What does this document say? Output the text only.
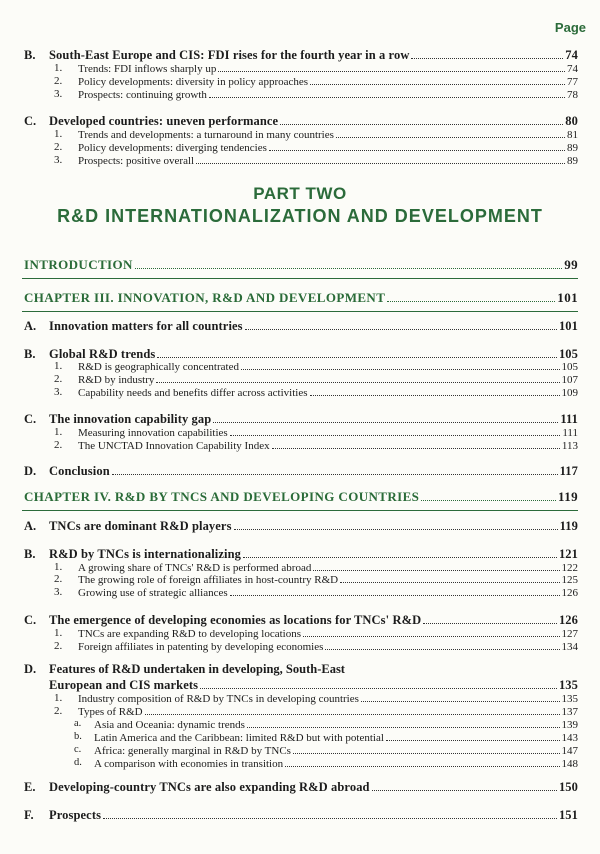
Page
B. South-East Europe and CIS: FDI rises for the fourth year in a row	74
1. Trends: FDI inflows sharply up	74
2. Policy developments: diversity in policy approaches	77
3. Prospects: continuing growth	78
C. Developed countries: uneven performance	80
1. Trends and developments: a turnaround in many countries	81
2. Policy developments: diverging tendencies	89
3. Prospects: positive overall	89
PART TWO
R&D INTERNATIONALIZATION AND DEVELOPMENT
INTRODUCTION	99
CHAPTER III. INNOVATION, R&D AND DEVELOPMENT	101
A. Innovation matters for all countries	101
B. Global R&D trends	105
1. R&D is geographically concentrated	105
2. R&D by industry	107
3. Capability needs and benefits differ across activities	109
C. The innovation capability gap	111
1. Measuring innovation capabilities	111
2. The UNCTAD Innovation Capability Index	113
D. Conclusion	117
CHAPTER IV. R&D BY TNCS AND DEVELOPING COUNTRIES	119
A. TNCs are dominant R&D players	119
B. R&D by TNCs is internationalizing	121
1. A growing share of TNCs' R&D is performed abroad	122
2. The growing role of foreign affiliates in host-country R&D	125
3. Growing use of strategic alliances	126
C. The emergence of developing economies as locations for TNCs' R&D	126
1. TNCs are expanding R&D to developing locations	127
2. Foreign affiliates in patenting by developing economies	134
D. Features of R&D undertaken in developing, South-East
European and CIS markets	135
1. Industry composition of R&D by TNCs in developing countries	135
2. Types of R&D	137
a. Asia and Oceania: dynamic trends	139
b. Latin America and the Caribbean: limited R&D but with potential	143
c. Africa: generally marginal in R&D by TNCs	147
d. A comparison with economies in transition	148
E. Developing-country TNCs are also expanding R&D abroad	150
F. Prospects	151
